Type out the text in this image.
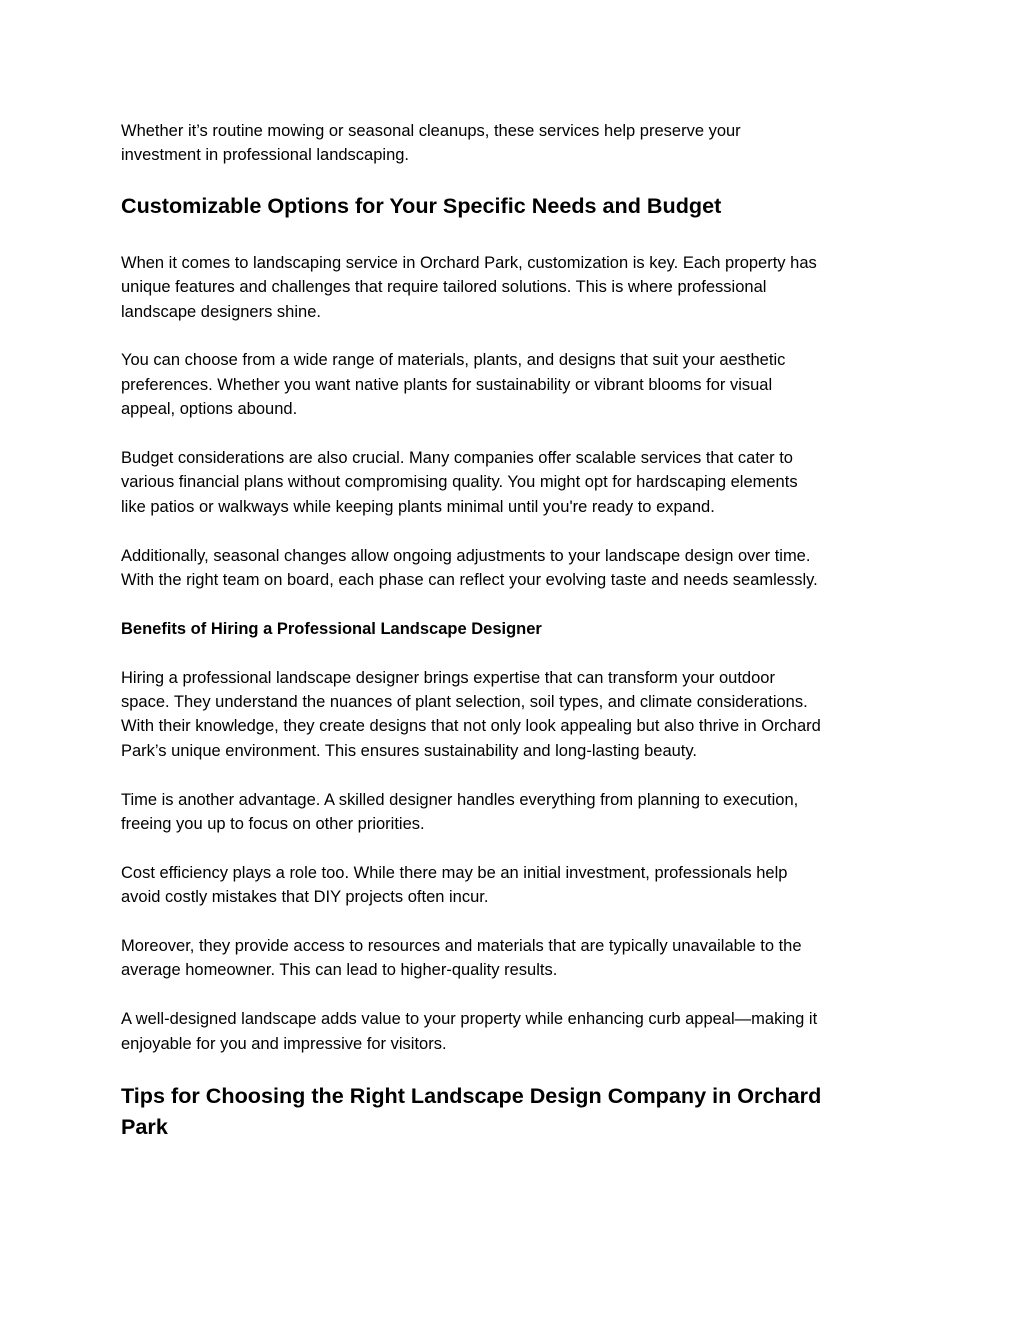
Whether it’s routine mowing or seasonal cleanups, these services help preserve your
investment in professional landscaping.

Customizable Options for Your Specific Needs and Budget

When it comes to landscaping service in Orchard Park, customization is key. Each property has
unique features and challenges that require tailored solutions. This is where professional
landscape designers shine.

You can choose from a wide range of materials, plants, and designs that suit your aesthetic
preferences. Whether you want native plants for sustainability or vibrant blooms for visual
appeal, options abound.

Budget considerations are also crucial. Many companies offer scalable services that cater to
various financial plans without compromising quality. You might opt for hardscaping elements
like patios or walkways while keeping plants minimal until you're ready to expand.

Additionally, seasonal changes allow ongoing adjustments to your landscape design over time.
With the right team on board, each phase can reflect your evolving taste and needs seamlessly.

Benefits of Hiring a Professional Landscape Designer

Hiring a professional landscape designer brings expertise that can transform your outdoor
space. They understand the nuances of plant selection, soil types, and climate considerations.
With their knowledge, they create designs that not only look appealing but also thrive in Orchard
Park’s unique environment. This ensures sustainability and long-lasting beauty.

Time is another advantage. A skilled designer handles everything from planning to execution,
freeing you up to focus on other priorities.

Cost efficiency plays a role too. While there may be an initial investment, professionals help
avoid costly mistakes that DIY projects often incur.

Moreover, they provide access to resources and materials that are typically unavailable to the
average homeowner. This can lead to higher-quality results.

A well-designed landscape adds value to your property while enhancing curb appeal—making it
enjoyable for you and impressive for visitors.

Tips for Choosing the Right Landscape Design Company in Orchard
Park
